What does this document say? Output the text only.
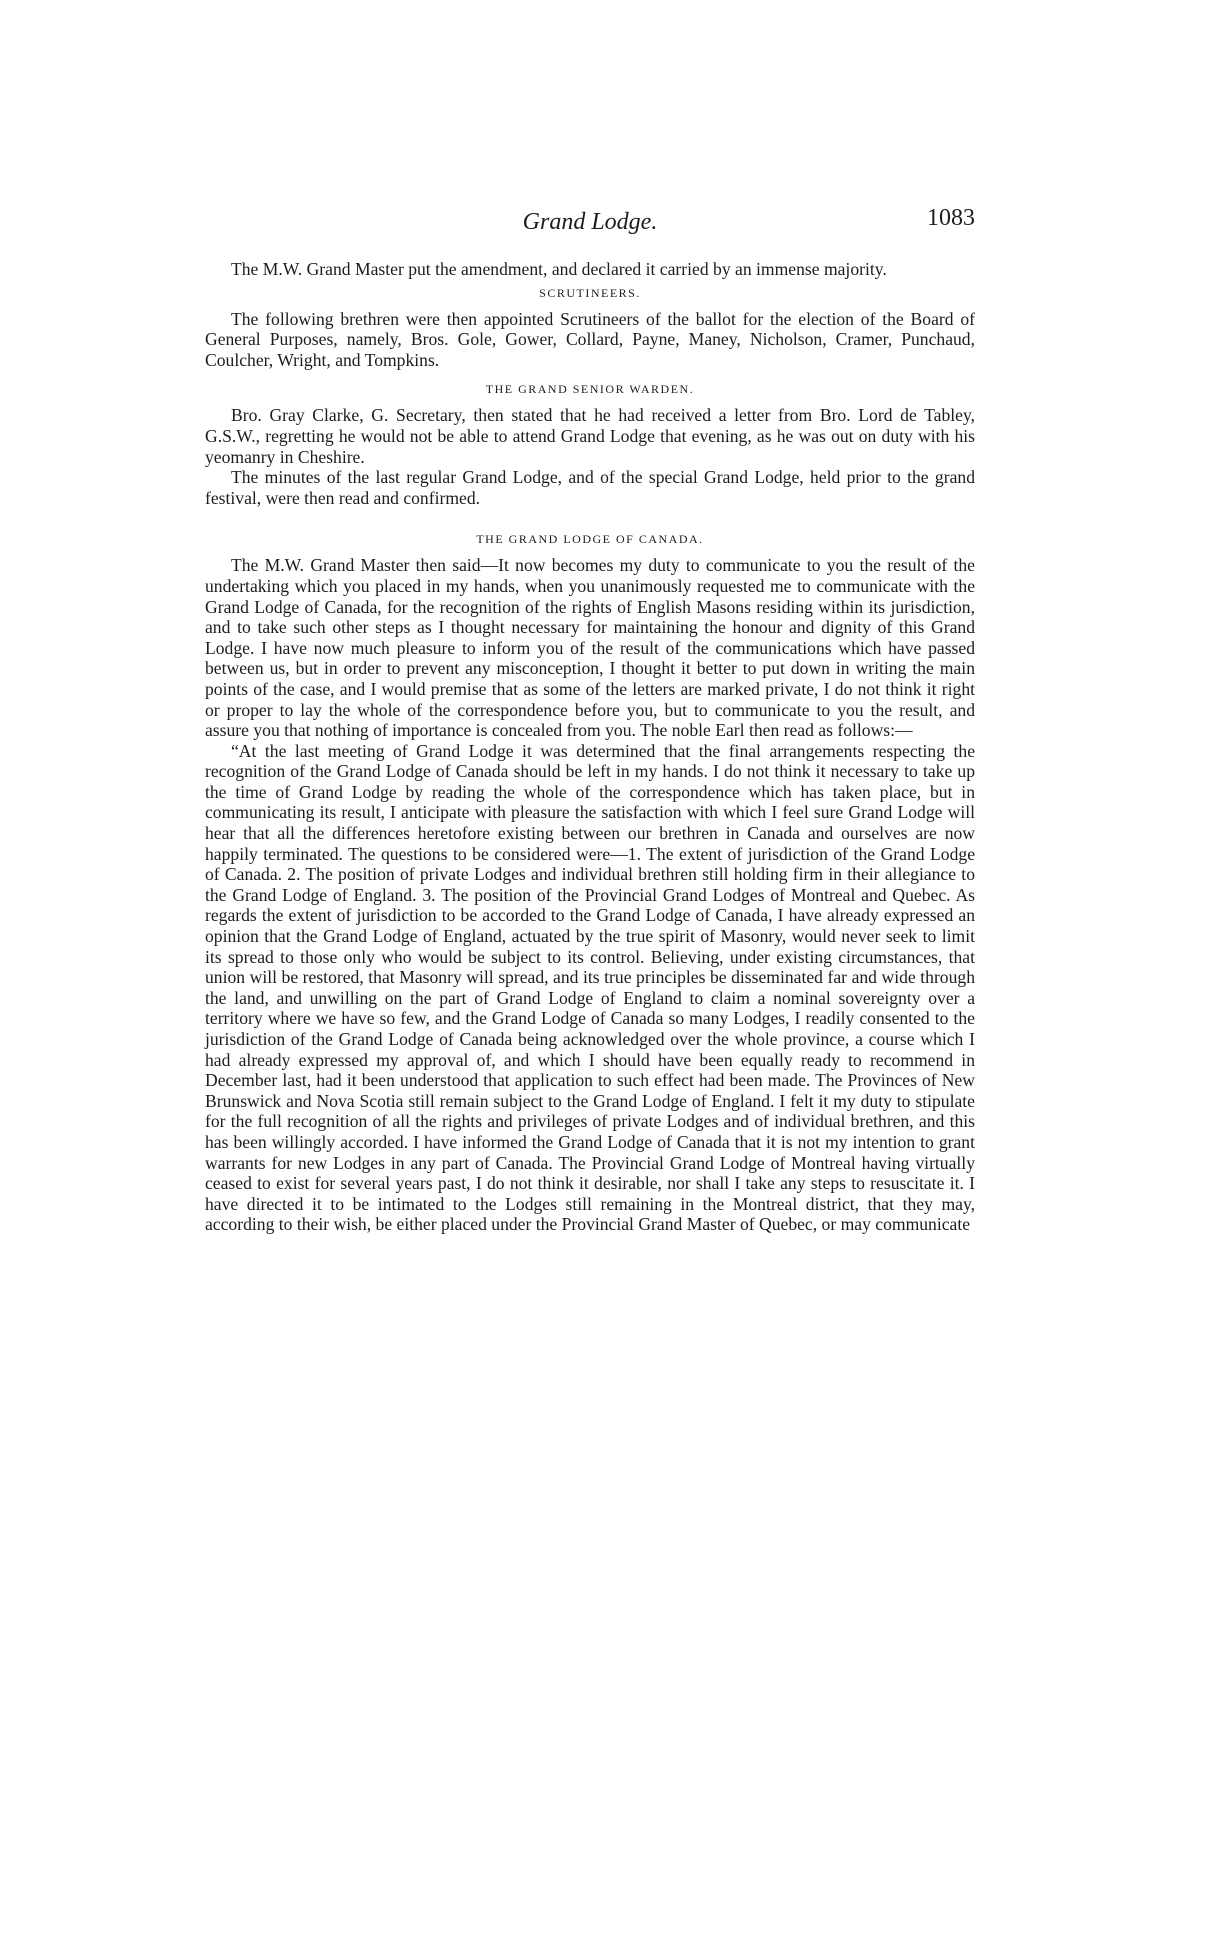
Grand Lodge.	1083

The M.W. Grand Master put the amendment, and declared it carried by an immense majority.

SCRUTINEERS.

The following brethren were then appointed Scrutineers of the ballot for the election of the Board of General Purposes, namely, Bros. Gole, Gower, Collard, Payne, Maney, Nicholson, Cramer, Punchaud, Coulcher, Wright, and Tompkins.

THE GRAND SENIOR WARDEN.

Bro. Gray Clarke, G. Secretary, then stated that he had received a letter from Bro. Lord de Tabley, G.S.W., regretting he would not be able to attend Grand Lodge that evening, as he was out on duty with his yeomanry in Cheshire.

The minutes of the last regular Grand Lodge, and of the special Grand Lodge, held prior to the grand festival, were then read and confirmed.

THE GRAND LODGE OF CANADA.

The M.W. Grand Master then said—It now becomes my duty to communicate to you the result of the undertaking which you placed in my hands, when you unanimously requested me to communicate with the Grand Lodge of Canada, for the recognition of the rights of English Masons residing within its jurisdiction, and to take such other steps as I thought necessary for maintaining the honour and dignity of this Grand Lodge. I have now much pleasure to inform you of the result of the communications which have passed between us, but in order to prevent any misconception, I thought it better to put down in writing the main points of the case, and I would premise that as some of the letters are marked private, I do not think it right or proper to lay the whole of the correspondence before you, but to communicate to you the result, and assure you that nothing of importance is concealed from you. The noble Earl then read as follows:—

“At the last meeting of Grand Lodge it was determined that the final arrangements respecting the recognition of the Grand Lodge of Canada should be left in my hands. I do not think it necessary to take up the time of Grand Lodge by reading the whole of the correspondence which has taken place, but in communicating its result, I anticipate with pleasure the satisfaction with which I feel sure Grand Lodge will hear that all the differences heretofore existing between our brethren in Canada and ourselves are now happily terminated. The questions to be considered were—1. The extent of jurisdiction of the Grand Lodge of Canada. 2. The position of private Lodges and individual brethren still holding firm in their allegiance to the Grand Lodge of England. 3. The position of the Provincial Grand Lodges of Montreal and Quebec. As regards the extent of jurisdiction to be accorded to the Grand Lodge of Canada, I have already expressed an opinion that the Grand Lodge of England, actuated by the true spirit of Masonry, would never seek to limit its spread to those only who would be subject to its control. Believing, under existing circumstances, that union will be restored, that Masonry will spread, and its true principles be disseminated far and wide through the land, and unwilling on the part of Grand Lodge of England to claim a nominal sovereignty over a territory where we have so few, and the Grand Lodge of Canada so many Lodges, I readily consented to the jurisdiction of the Grand Lodge of Canada being acknowledged over the whole province, a course which I had already expressed my approval of, and which I should have been equally ready to recommend in December last, had it been understood that application to such effect had been made. The Provinces of New Brunswick and Nova Scotia still remain subject to the Grand Lodge of England. I felt it my duty to stipulate for the full recognition of all the rights and privileges of private Lodges and of individual brethren, and this has been willingly accorded. I have informed the Grand Lodge of Canada that it is not my intention to grant warrants for new Lodges in any part of Canada. The Provincial Grand Lodge of Montreal having virtually ceased to exist for several years past, I do not think it desirable, nor shall I take any steps to resuscitate it. I have directed it to be intimated to the Lodges still remaining in the Montreal district, that they may, according to their wish, be either placed under the Provincial Grand Master of Quebec, or may communicate
